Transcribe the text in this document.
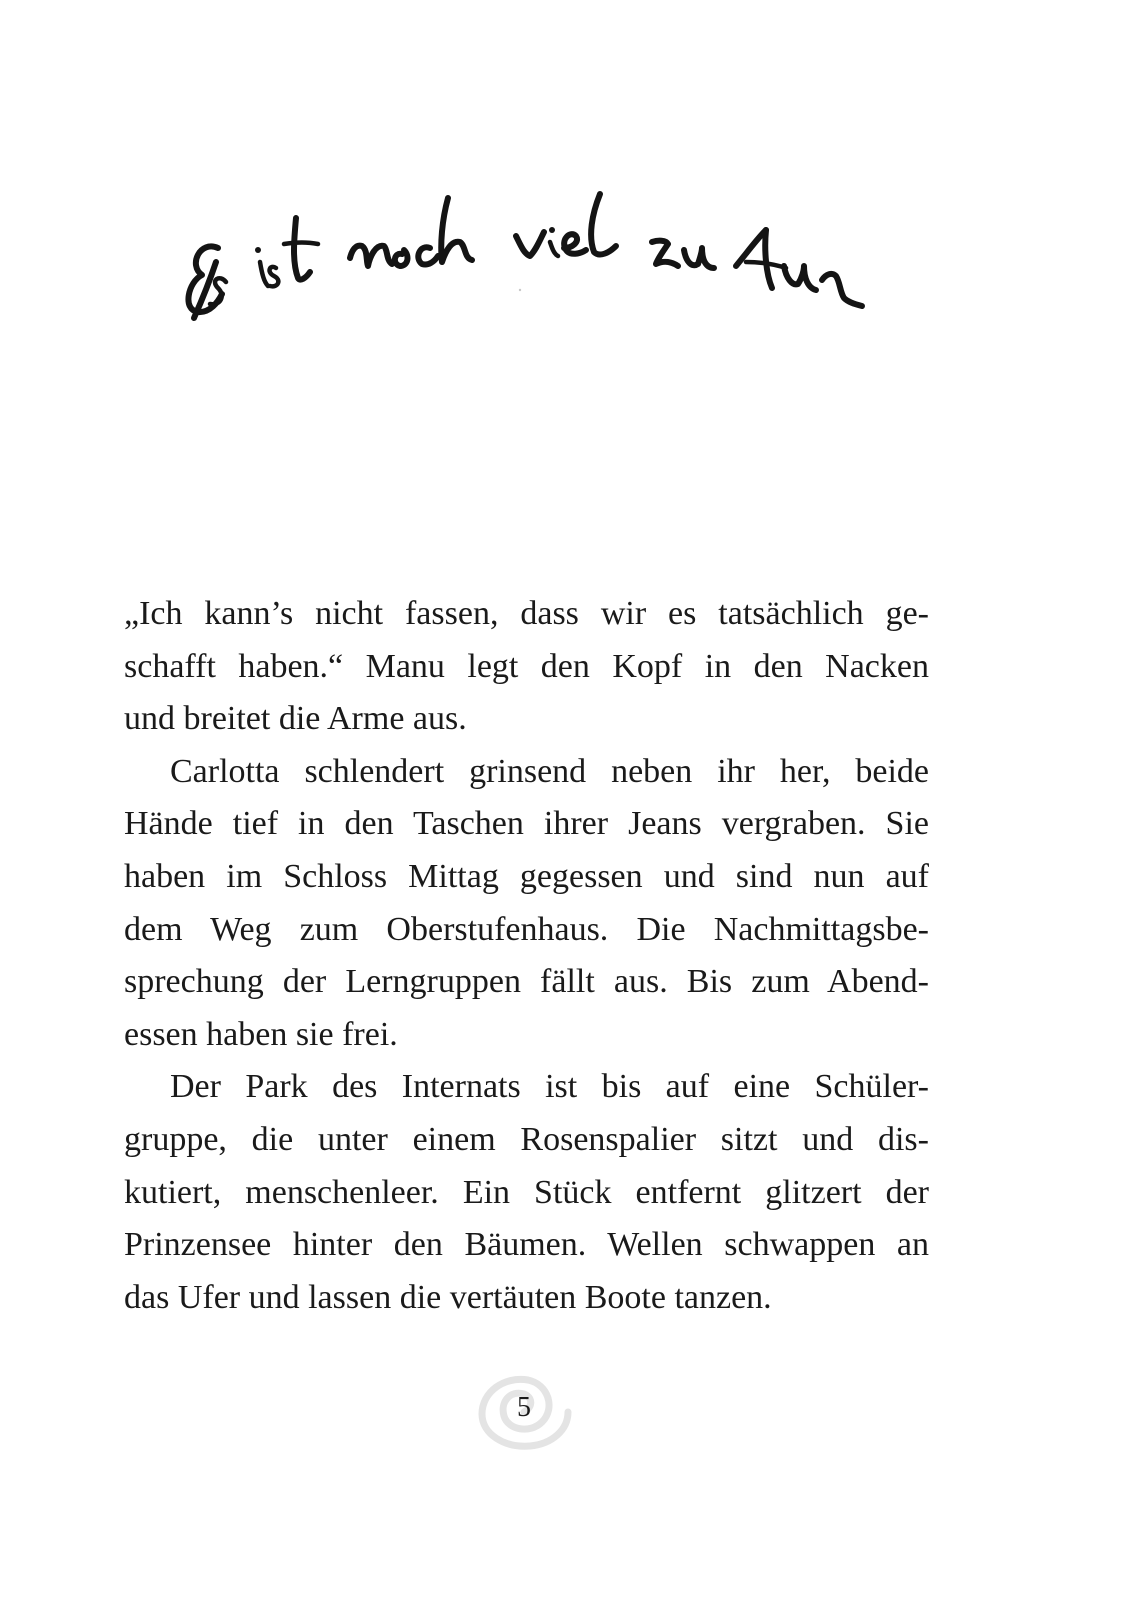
„Ich kann’s nicht fassen, dass wir es tatsächlich ge-
schafft haben.“ Manu legt den Kopf in den Nacken
und breitet die Arme aus.

Carlotta schlendert grinsend neben ihr her, beide
Hände tief in den Taschen ihrer Jeans vergraben. Sie
haben im Schloss Mittag gegessen und sind nun auf
dem Weg zum Oberstufenhaus. Die Nachmittagsbe-
sprechung der Lerngruppen fällt aus. Bis zum Abend-
essen haben sie frei.

Der Park des Internats ist bis auf eine Schüler-
gruppe, die unter einem Rosenspalier sitzt und dis-
kutiert, menschenleer. Ein Stück entfernt glitzert der
Prinzensee hinter den Bäumen. Wellen schwappen an
das Ufer und lassen die vertäuten Boote tanzen.

5
